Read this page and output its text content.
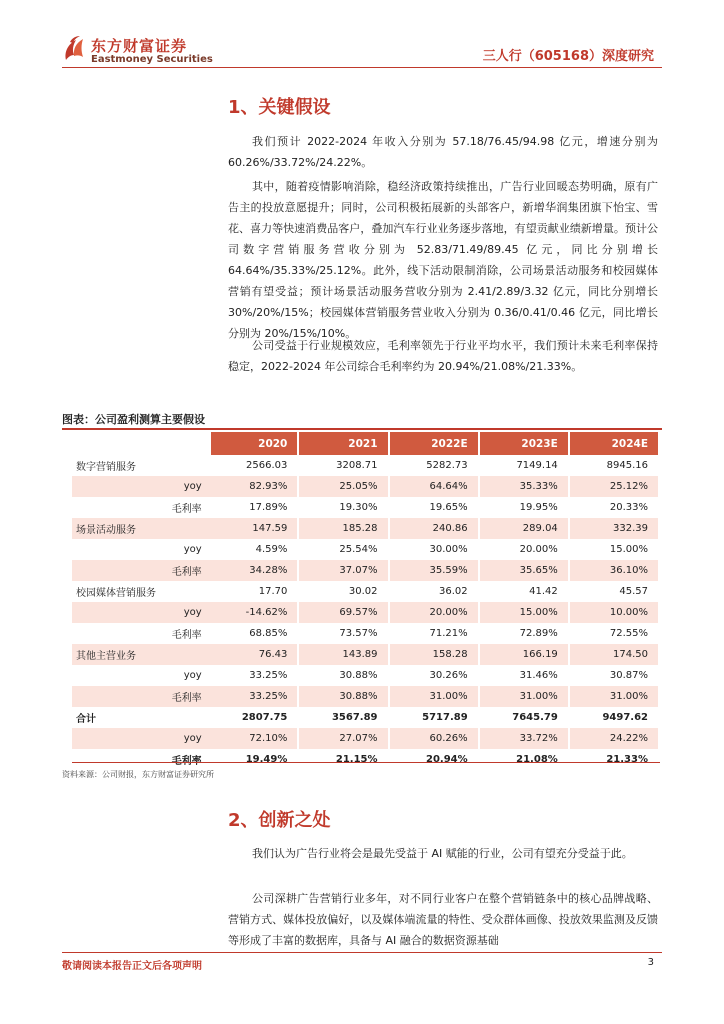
东方财富证券
Eastmoney Securities	三人行（605168）深度研究
1、关键假设

我们预计 2022-2024 年收入分别为 57.18/76.45/94.98 亿元，增速分别为 60.26%/33.72%/24.22%。

其中，随着疫情影响消除，稳经济政策持续推出，广告行业回暖态势明确，原有广告主的投放意愿提升；同时，公司积极拓展新的头部客户，新增华润集团旗下怡宝、雪花、喜力等快速消费品客户，叠加汽车行业业务逐步落地，有望贡献业绩新增量。预计公司数字营销服务营收分别为 52.83/71.49/89.45 亿元，同比分别增长 64.64%/35.33%/25.12%。此外，线下活动限制消除，公司场景活动服务和校园媒体营销有望受益；预计场景活动服务营收分别为 2.41/2.89/3.32 亿元，同比分别增长 30%/20%/15%；校园媒体营销服务营业收入分别为 0.36/0.41/0.46 亿元，同比增长分别为 20%/15%/10%。

公司受益于行业规模效应，毛利率领先于行业平均水平，我们预计未来毛利率保持稳定，2022-2024 年公司综合毛利率约为 20.94%/21.08%/21.33%。

图表：公司盈利测算主要假设
	2020	2021	2022E	2023E	2024E
数字营销服务	2566.03	3208.71	5282.73	7149.14	8945.16
yoy	82.93%	25.05%	64.64%	35.33%	25.12%
毛利率	17.89%	19.30%	19.65%	19.95%	20.33%
场景活动服务	147.59	185.28	240.86	289.04	332.39
yoy	4.59%	25.54%	30.00%	20.00%	15.00%
毛利率	34.28%	37.07%	35.59%	35.65%	36.10%
校园媒体营销服务	17.70	30.02	36.02	41.42	45.57
yoy	-14.62%	69.57%	20.00%	15.00%	10.00%
毛利率	68.85%	73.57%	71.21%	72.89%	72.55%
其他主营业务	76.43	143.89	158.28	166.19	174.50
yoy	33.25%	30.88%	30.26%	31.46%	30.87%
毛利率	33.25%	30.88%	31.00%	31.00%	31.00%
合计	2807.75	3567.89	5717.89	7645.79	9497.62
yoy	72.10%	27.07%	60.26%	33.72%	24.22%
毛利率	19.49%	21.15%	20.94%	21.08%	21.33%
资料来源：公司财报，东方财富证券研究所
2、创新之处

我们认为广告行业将会是最先受益于 AI 赋能的行业，公司有望充分受益于此。

公司深耕广告营销行业多年，对不同行业客户在整个营销链条中的核心品牌战略、营销方式、媒体投放偏好，以及媒体端流量的特性、受众群体画像、投放效果监测及反馈等形成了丰富的数据库，具备与 AI 融合的数据资源基础

敬请阅读本报告正文后各项声明	3
